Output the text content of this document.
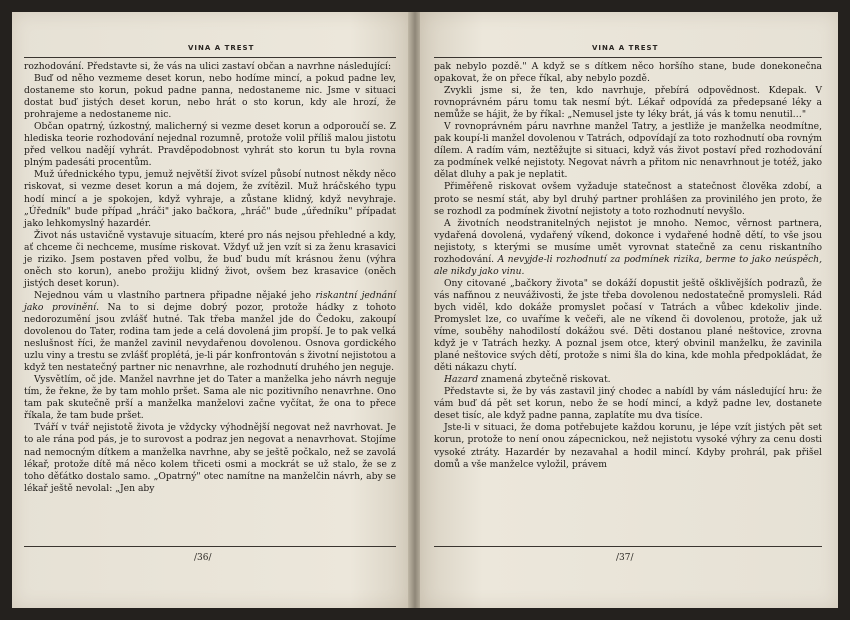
VINA A TREST

rozhodování. Představte si, že vás na ulici zastaví občan a navrhne následující:

Buď od něho vezmeme deset korun, nebo hodíme mincí, a pokud padne lev, dostaneme sto korun, pokud padne panna, nedostaneme nic. Jsme v situaci dostat buď jistých deset korun, nebo hrát o sto korun, kdy ale hrozí, že prohrajeme a nedostaneme nic.

Občan opatrný, úzkostný, malicherný si vezme deset korun a odporoučí se. Z hlediska teorie rozhodování nejednal rozumně, protože volil příliš malou jistotu před velkou nadějí vyhrát. Pravděpodobnost vyhrát sto korun tu byla rovna plným padesáti procentům.

Muž úřednického typu, jemuž největší život svízel působí nutnost někdy něco riskovat, si vezme deset korun a má dojem, že zvítězil. Muž hráčského typu hodí mincí a je spokojen, když vyhraje, a zůstane klidný, když nevyhraje. „Úředník" bude případ „hráči" jako bačkora, „hráč" bude „úředníku" případat jako lehkomyslný hazardér.

Život nás ustavičně vystavuje situacím, které pro nás nejsou přehledné a kdy, ať chceme či nechceme, musíme riskovat. Vždyť už jen vzít si za ženu krasavici je riziko. Jsem postaven před volbu, že buď budu mít krásnou ženu (výhra oněch sto korun), anebo prožiju klidný život, ovšem bez krasavice (oněch jistých deset korun).

Nejednou vám u vlastního partnera připadne nějaké jeho riskantní jednání jako provinění. Na to si dejme dobrý pozor, protože hádky z tohoto nedorozumění jsou zvlášť hutné. Tak třeba manžel jde do Čedoku, zakoupí dovolenou do Tater, rodina tam jede a celá dovolená jim propší. Je to pak velká neslušnost říci, že manžel zavinil nevydařenou dovolenou. Osnova gordického uzlu viny a trestu se zvlášť proplétá, je-li pár konfrontován s životní nejistotou a když ten nestatečný partner nic nenavrhne, ale rozhodnutí druhého jen neguje.

Vysvětlím, oč jde. Manžel navrhne jet do Tater a manželka jeho návrh neguje tím, že řekne, že by tam mohlo pršet. Sama ale nic pozitivního nenavrhne. Ono tam pak skutečně prší a manželka manželovi začne vyčítat, že ona to přece říkala, že tam bude pršet.

Tváří v tvář nejistotě života je vždycky výhodnější negovat než navrhovat. Je to ale rána pod pás, je to surovost a podraz jen negovat a nenavrhovat. Stojíme nad nemocným dítkem a manželka navrhne, aby se ještě počkalo, než se zavolá lékař, protože dítě má něco kolem třiceti osmi a mockrát se už stalo, že se z toho děťátko dostalo samo. „Opatrný" otec namítne na manželčin návrh, aby se lékař ještě nevolal: „Jen aby

/36/
VINA A TREST

pak nebylo pozdě." A když se s dítkem něco horšího stane, bude donekonečna opakovat, že on přece říkal, aby nebylo pozdě.

Zvykli jsme si, že ten, kdo navrhuje, přebírá odpovědnost. Kdepak. V rovnoprávném páru tomu tak nesmí být. Lékař odpovídá za předepsané léky a nemůže se hájit, že by říkal: „Nemusel jste ty léky brát, já vás k tomu nenutil…"

V rovnoprávném páru navrhne manžel Tatry, a jestliže je manželka neodmítne, pak koupí-li manžel dovolenou v Tatrách, odpovídají za toto rozhodnutí oba rovným dílem. A radím vám, neztěžujte si situaci, když vás život postaví před rozhodování za podmínek velké nejistoty. Negovat návrh a přitom nic nenavrhnout je totéž, jako dělat dluhy a pak je neplatit.

Přiměřeně riskovat ovšem vyžaduje statečnost a statečnost člověka zdobí, a proto se nesmí stát, aby byl druhý partner prohlášen za provinilého jen proto, že se rozhodl za podmínek životní nejistoty a toto rozhodnutí nevyšlo.

A životních neodstranitelných nejistot je mnoho. Nemoc, věrnost partnera, vydařená dovolená, vydařený víkend, dokonce i vydařené hodně dětí, to vše jsou nejistoty, s kterými se musíme umět vyrovnat statečně za cenu riskantního rozhodování. A nevyjde-li rozhodnutí za podmínek rizika, berme to jako neúspěch, ale nikdy jako vinu.

Ony citované „bačkory života" se dokáží dopustit ještě ošklivějších podrazů, že vás nafňnou z neuváživosti, že jste třeba dovolenou nedostatečně promysleli. Rád bych viděl, kdo dokáže promyslet počasí v Tatrách a vůbec kdekoliv jinde. Promyslet lze, co uvaříme k večeři, ale ne víkend či dovolenou, protože, jak už víme, souběhy nahodilostí dokážou své. Děti dostanou plané neštovice, zrovna když je v Tatrách hezky. A poznal jsem otce, který obvinil manželku, že zavinila plané neštovice svých dětí, protože s nimi šla do kina, kde mohla předpokládat, že děti nákazu chytí.

Hazard znamená zbytečně riskovat.

Představte si, že by vás zastavil jiný chodec a nabídl by vám následující hru: že vám buď dá pět set korun, nebo že se hodí mincí, a když padne lev, dostanete deset tisíc, ale když padne panna, zaplatíte mu dva tisíce.

Jste-li v situaci, že doma potřebujete každou korunu, je lépe vzít jistých pět set korun, protože to není onou zápecnickou, než nejistotu vysoké výhry za cenu dosti vysoké ztráty. Hazardér by nezavahal a hodil mincí. Kdyby prohrál, pak přišel domů a vše manželce vyložil, právem

/37/
